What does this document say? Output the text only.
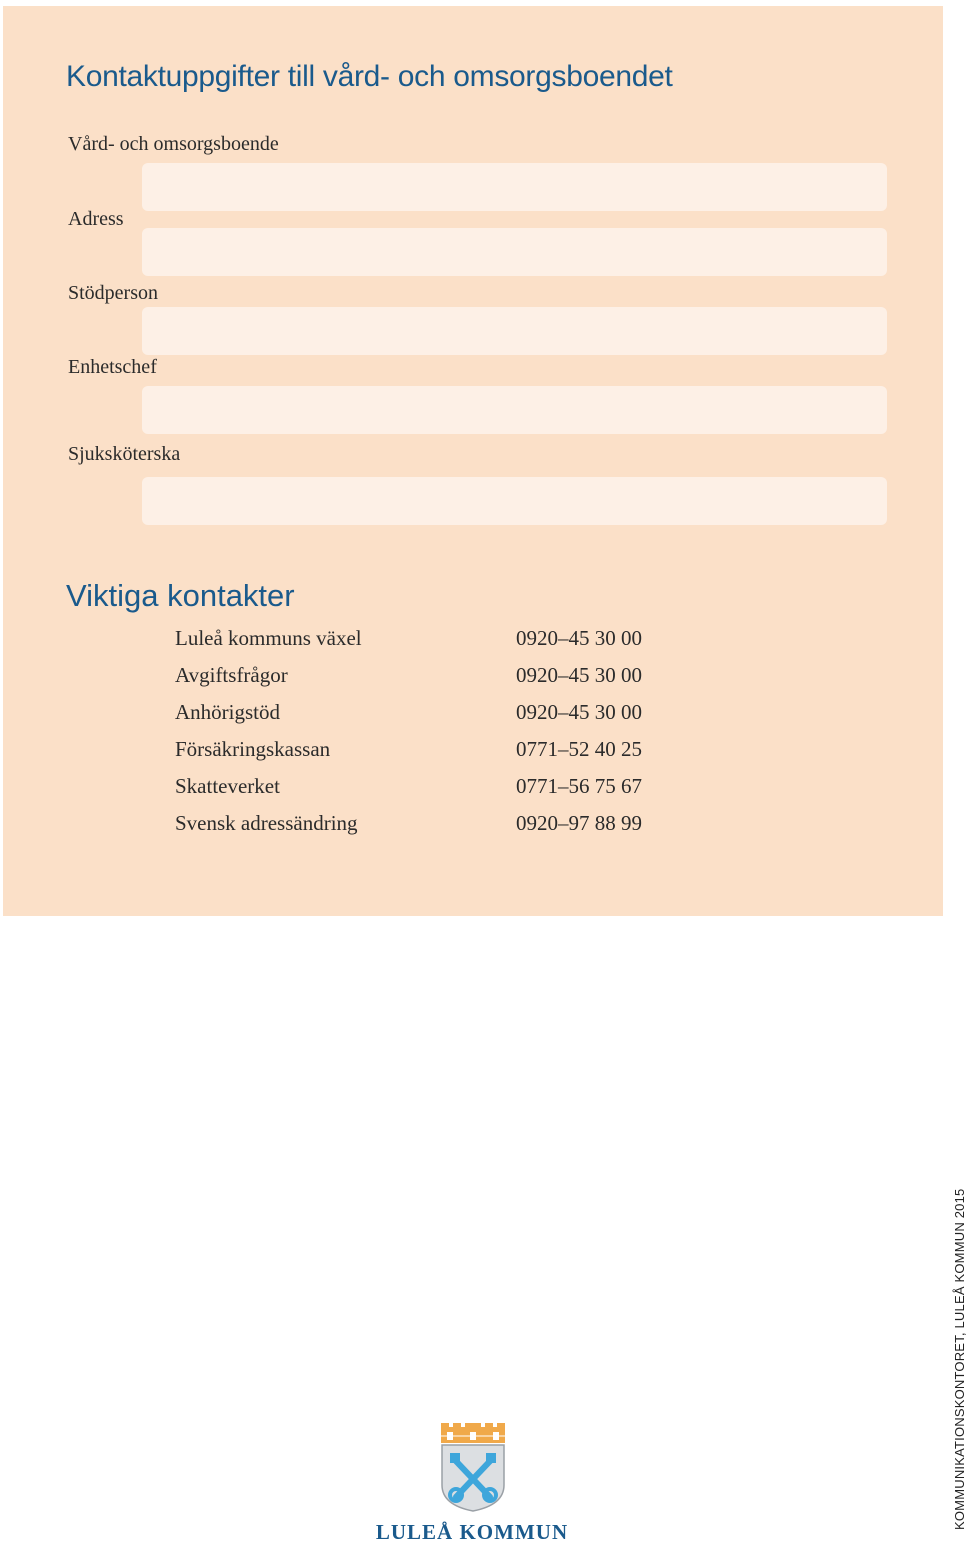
Kontaktuppgifter till vård- och omsorgsboendet
Vård- och omsorgsboende
Adress
Stödperson
Enhetschef
Sjuksköterska
Viktiga kontakter
Luleå kommuns växel	0920–45 30 00
Avgiftsfrågor	0920–45 30 00
Anhörigstöd	0920–45 30 00
Försäkringskassan	0771–52 40 25
Skatteverket	0771–56 75 67
Svensk adressändring	0920–97 88 99
LULEÅ KOMMUN
KOMMUNIKATIONSKONTORET, LULEÅ KOMMUN 2015
